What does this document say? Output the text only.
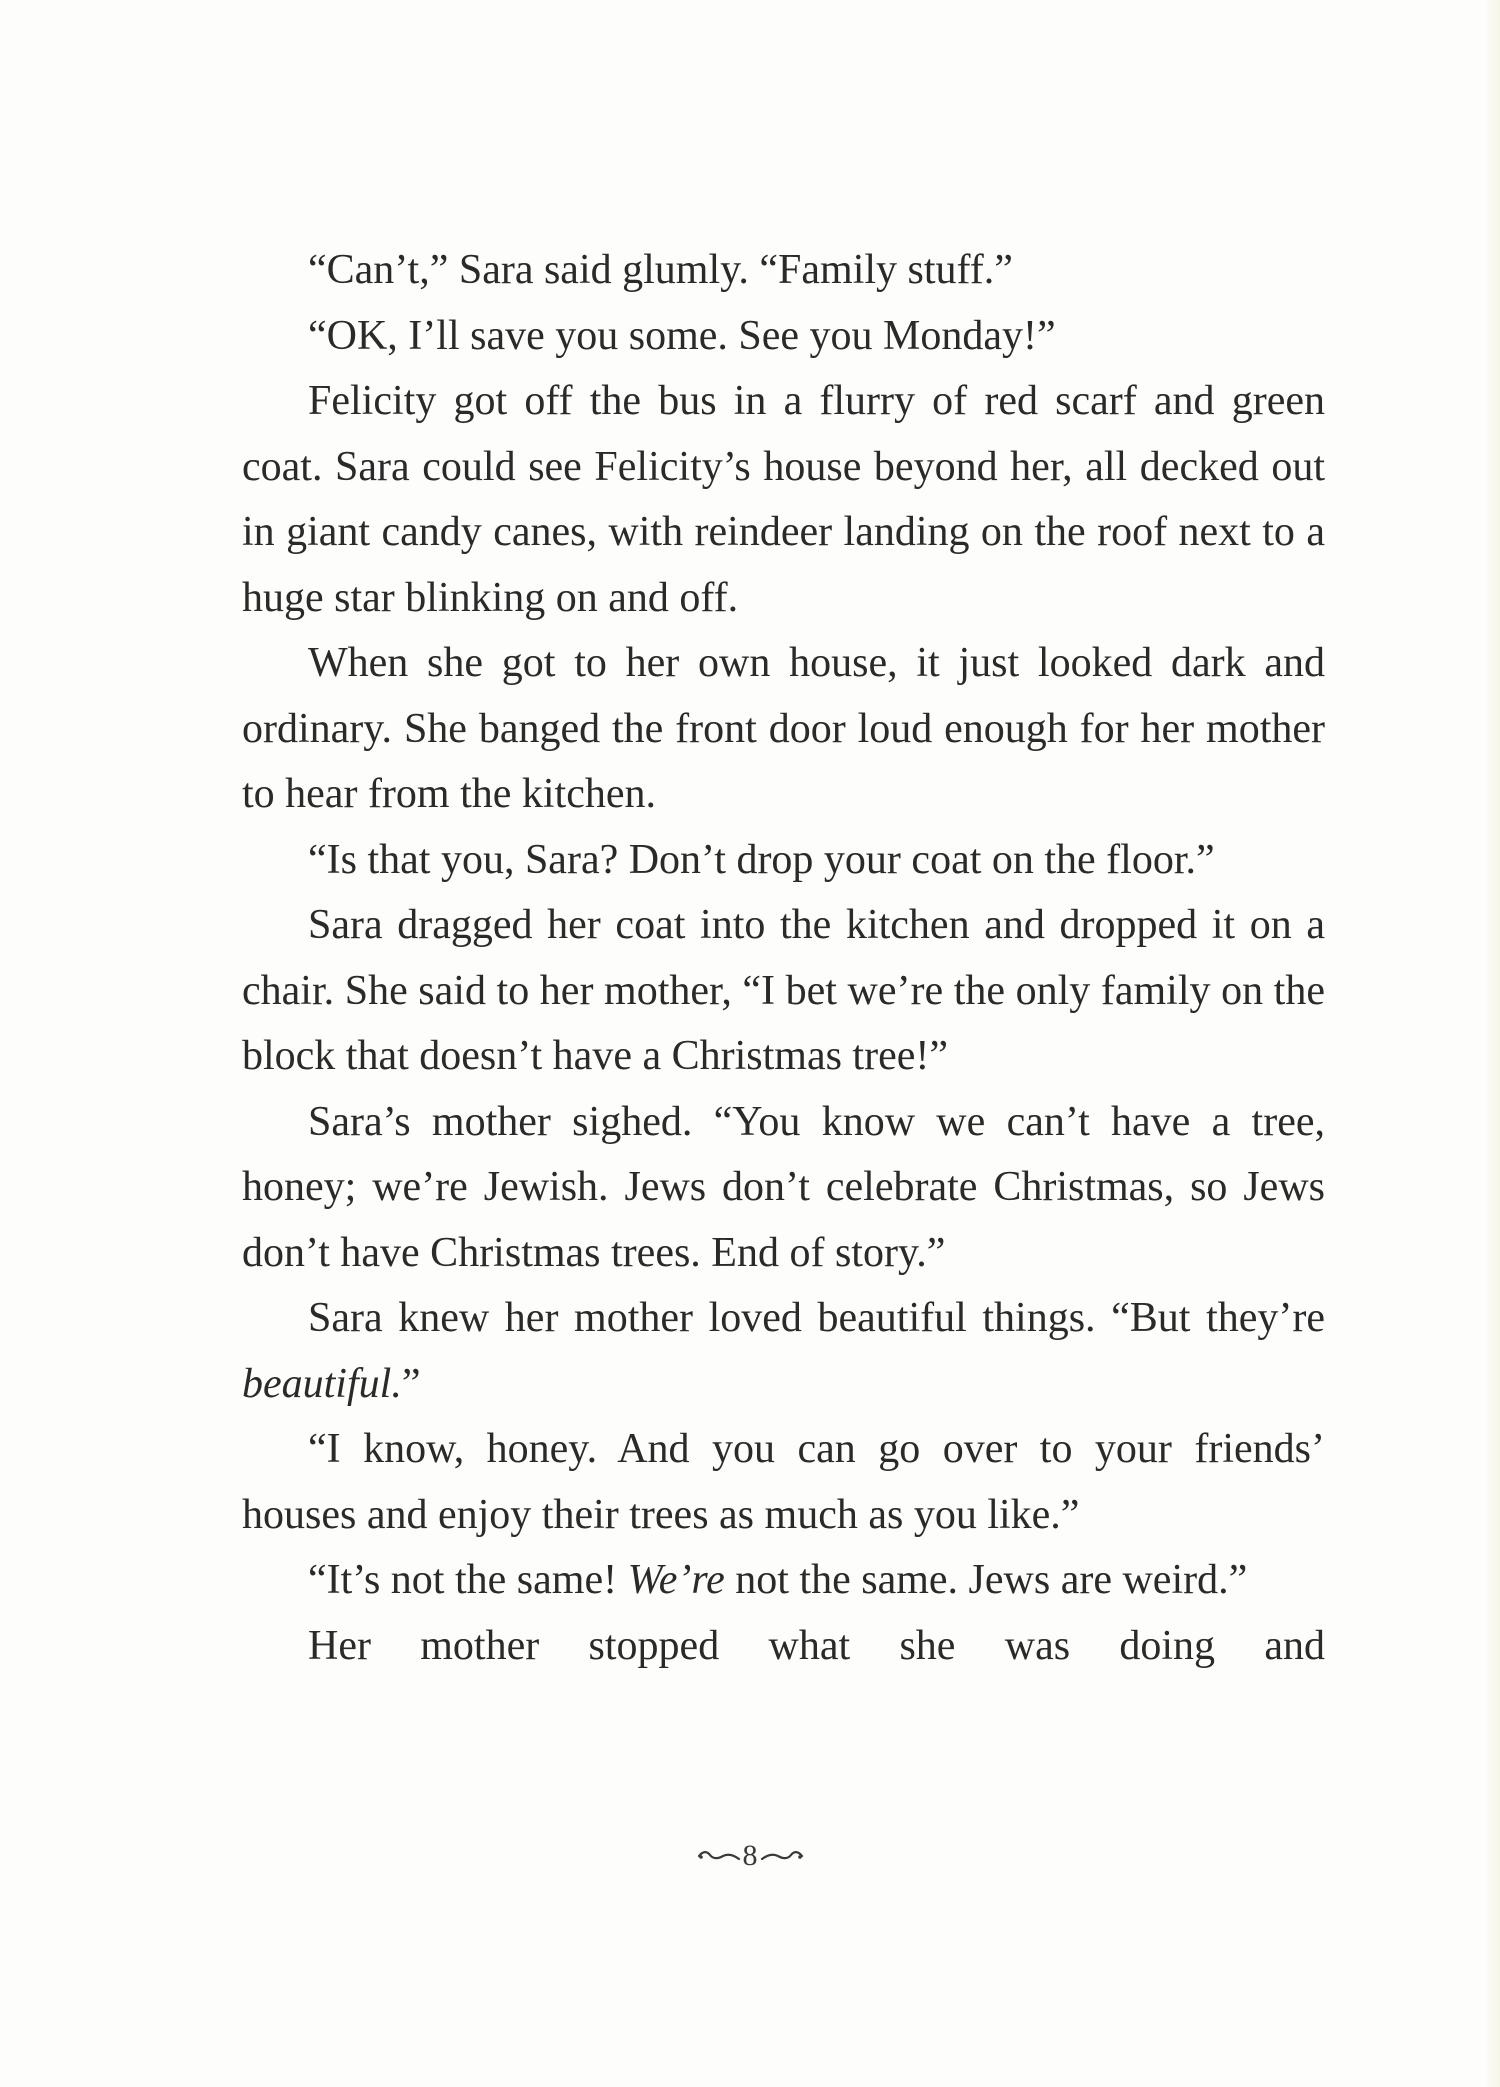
“Can’t,” Sara said glumly. “Family stuff.”

“OK, I’ll save you some. See you Monday!”

Felicity got off the bus in a flurry of red scarf and green coat. Sara could see Felicity’s house beyond her, all decked out in giant candy canes, with reindeer landing on the roof next to a huge star blinking on and off.

When she got to her own house, it just looked dark and ordinary. She banged the front door loud enough for her mother to hear from the kitchen.

“Is that you, Sara? Don’t drop your coat on the floor.”

Sara dragged her coat into the kitchen and dropped it on a chair. She said to her mother, “I bet we’re the only family on the block that doesn’t have a Christmas tree!”

Sara’s mother sighed. “You know we can’t have a tree, honey; we’re Jewish. Jews don’t celebrate Christmas, so Jews don’t have Christmas trees. End of story.”

Sara knew her mother loved beautiful things. “But they’re beautiful.”

“I know, honey. And you can go over to your friends’ houses and enjoy their trees as much as you like.”

“It’s not the same! We’re not the same. Jews are weird.”

Her mother stopped what she was doing and

8
